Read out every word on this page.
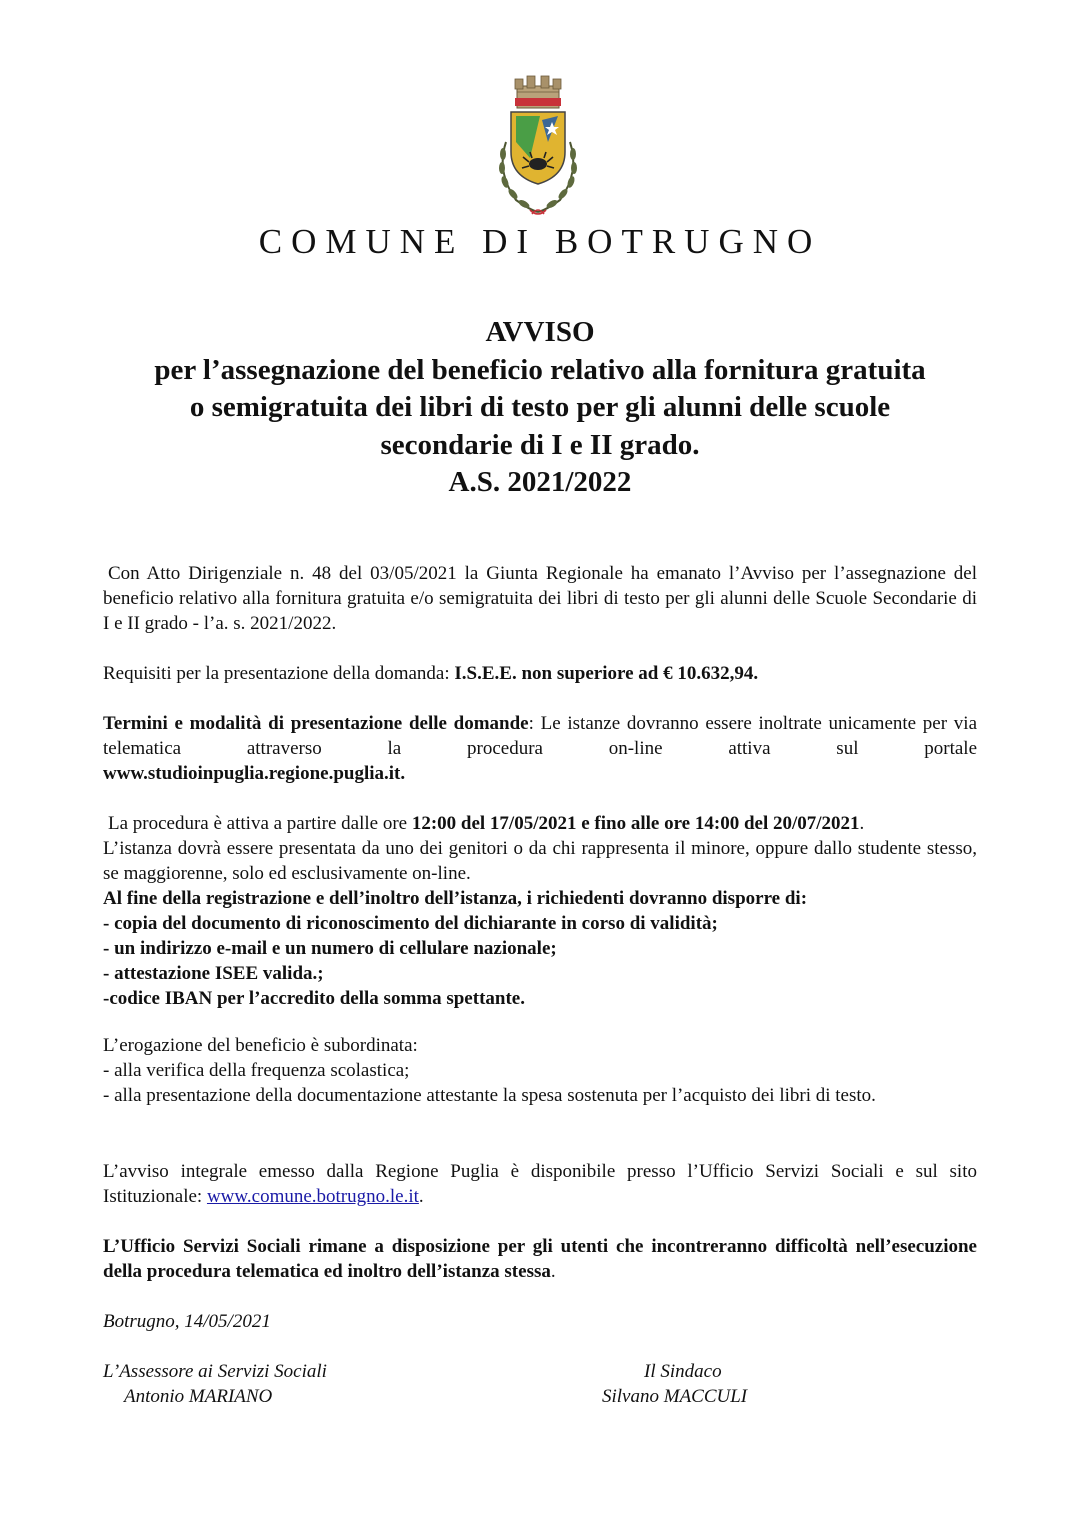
COMUNE DI BOTRUGNO
AVVISO
per l’assegnazione del beneficio relativo alla fornitura gratuita
o semigratuita dei libri di testo per gli alunni delle scuole
secondarie di I e II grado.
A.S. 2021/2022
Con Atto Dirigenziale n. 48 del 03/05/2021 la Giunta Regionale ha emanato l’Avviso per l’assegnazione del beneficio relativo alla fornitura gratuita e/o semigratuita dei libri di testo per gli alunni delle Scuole Secondarie di I e II grado - l’a. s. 2021/2022.
Requisiti per la presentazione della domanda: I.S.E.E. non superiore ad € 10.632,94.
Termini e modalità di presentazione delle domande: Le istanze dovranno essere inoltrate unicamente per via telematica attraverso la procedura on-line attiva sul portale
www.studioinpuglia.regione.puglia.it.
La procedura è attiva a partire dalle ore 12:00 del 17/05/2021 e fino alle ore 14:00 del 20/07/2021.
L’istanza dovrà essere presentata da uno dei genitori o da chi rappresenta il minore, oppure dallo studente stesso, se maggiorenne, solo ed esclusivamente on-line.
Al fine della registrazione e dell’inoltro dell’istanza, i richiedenti dovranno disporre di:
- copia del documento di riconoscimento del dichiarante in corso di validità;
- un indirizzo e-mail e un numero di cellulare nazionale;
- attestazione ISEE valida.;
-codice IBAN per l’accredito della somma spettante.
L’erogazione del beneficio è subordinata:
- alla verifica della frequenza scolastica;
- alla presentazione della documentazione attestante la spesa sostenuta per l’acquisto dei libri di testo.
L’avviso integrale emesso dalla Regione Puglia è disponibile presso l’Ufficio Servizi Sociali e sul sito Istituzionale: www.comune.botrugno.le.it.
L’Ufficio Servizi Sociali rimane a disposizione per gli utenti che incontreranno difficoltà nell’esecuzione della procedura telematica ed inoltro dell’istanza stessa.
Botrugno, 14/05/2021
L’Assessore ai Servizi Sociali
Antonio MARIANO
Il Sindaco
Silvano MACCULI
